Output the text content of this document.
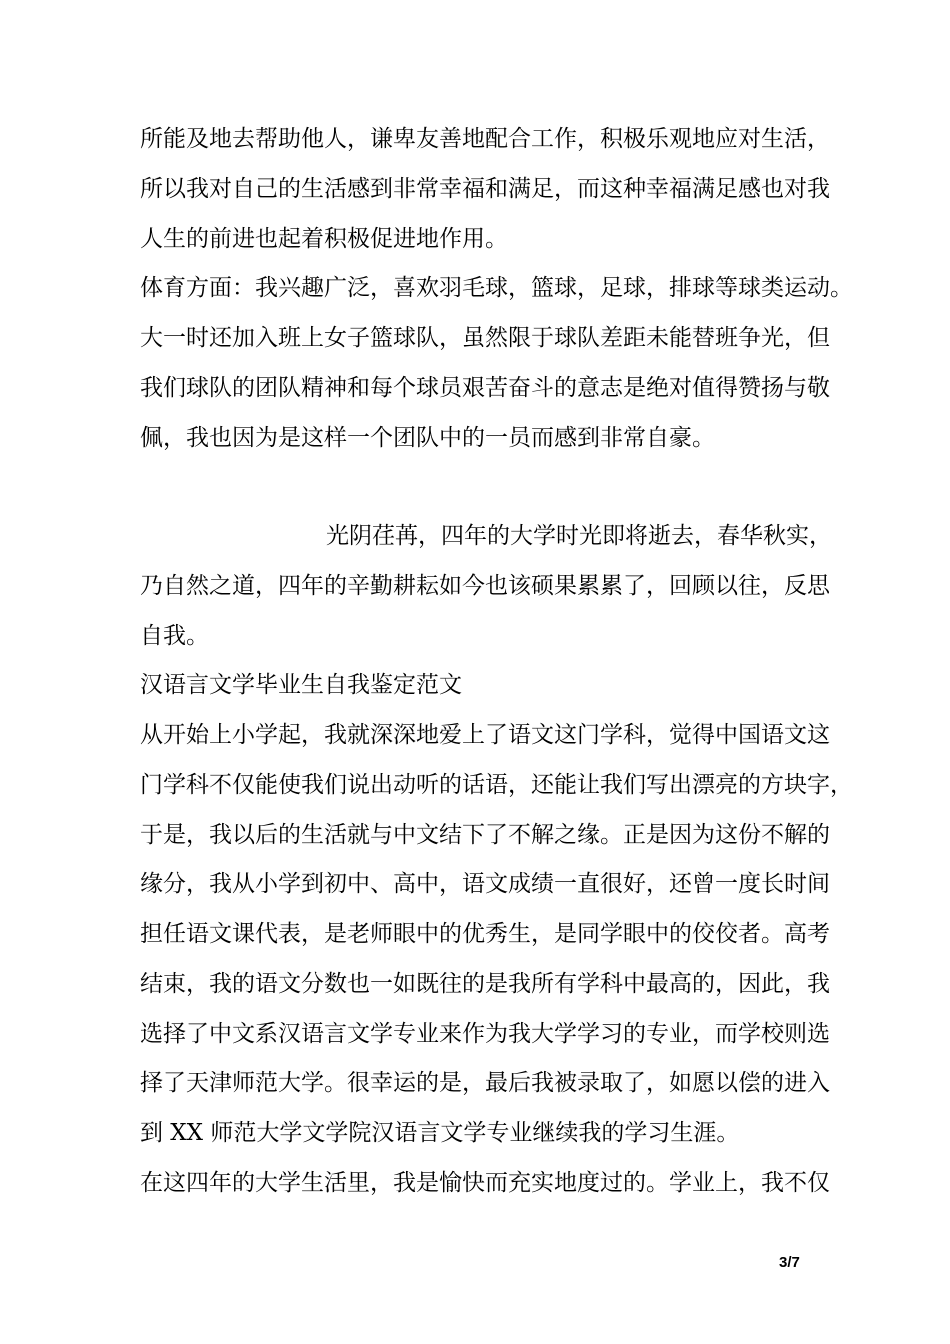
所能及地去帮助他人，谦卑友善地配合工作，积极乐观地应对生活，
所以我对自己的生活感到非常幸福和满足，而这种幸福满足感也对我
人生的前进也起着积极促进地作用。
体育方面：我兴趣广泛，喜欢羽毛球，篮球，足球，排球等球类运动。
大一时还加入班上女子篮球队，虽然限于球队差距未能替班争光，但
我们球队的团队精神和每个球员艰苦奋斗的意志是绝对值得赞扬与敬
佩，我也因为是这样一个团队中的一员而感到非常自豪。
光阴荏苒，四年的大学时光即将逝去，春华秋实，
乃自然之道，四年的辛勤耕耘如今也该硕果累累了，回顾以往，反思
自我。
汉语言文学毕业生自我鉴定范文
从开始上小学起，我就深深地爱上了语文这门学科，觉得中国语文这
门学科不仅能使我们说出动听的话语，还能让我们写出漂亮的方块字，
于是，我以后的生活就与中文结下了不解之缘。正是因为这份不解的
缘分，我从小学到初中、高中，语文成绩一直很好，还曾一度长时间
担任语文课代表，是老师眼中的优秀生，是同学眼中的佼佼者。高考
结束，我的语文分数也一如既往的是我所有学科中最高的，因此，我
选择了中文系汉语言文学专业来作为我大学学习的专业，而学校则选
择了天津师范大学。很幸运的是，最后我被录取了，如愿以偿的进入
到 XX 师范大学文学院汉语言文学专业继续我的学习生涯。
在这四年的大学生活里，我是愉快而充实地度过的。学业上，我不仅
3/7
